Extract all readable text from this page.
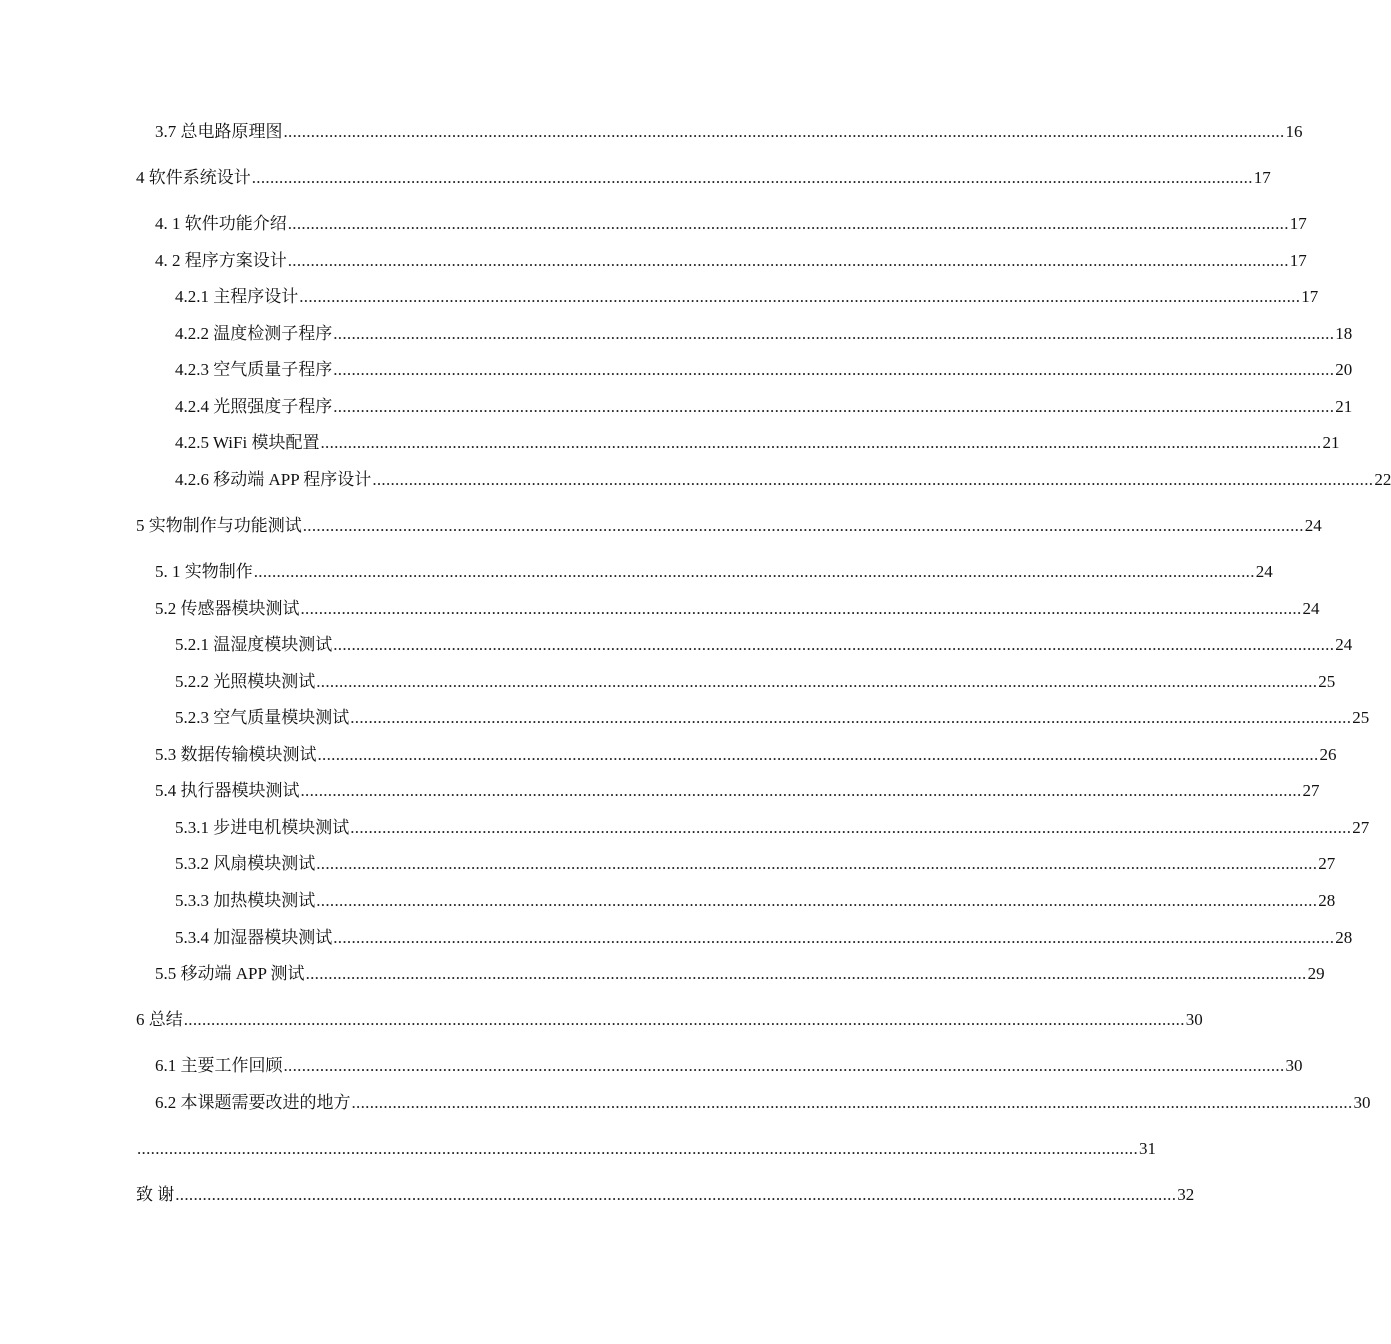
3.7 总电路原理图 ............................................................................................................................................................................................................................ 16
4 软件系统设计 ............................................................................................................................................................................................................................ 17
4. 1 软件功能介绍 ............................................................................................................................................................................................................................ 17
4. 2 程序方案设计 ............................................................................................................................................................................................................................ 17
4.2.1 主程序设计 ............................................................................................................................................................................................................................ 17
4.2.2 温度检测子程序 ............................................................................................................................................................................................................................ 18
4.2.3 空气质量子程序 ............................................................................................................................................................................................................................ 20
4.2.4 光照强度子程序 ............................................................................................................................................................................................................................ 21
4.2.5 WiFi 模块配置 ............................................................................................................................................................................................................................ 21
4.2.6 移动端 APP 程序设计 ............................................................................................................................................................................................................................ 22
5 实物制作与功能测试 ............................................................................................................................................................................................................................ 24
5. 1 实物制作 ............................................................................................................................................................................................................................ 24
5.2 传感器模块测试 ............................................................................................................................................................................................................................ 24
5.2.1 温湿度模块测试 ............................................................................................................................................................................................................................ 24
5.2.2 光照模块测试 ............................................................................................................................................................................................................................ 25
5.2.3 空气质量模块测试 ............................................................................................................................................................................................................................ 25
5.3 数据传输模块测试 ............................................................................................................................................................................................................................ 26
5.4 执行器模块测试 ............................................................................................................................................................................................................................ 27
5.3.1 步进电机模块测试 ............................................................................................................................................................................................................................ 27
5.3.2 风扇模块测试 ............................................................................................................................................................................................................................ 27
5.3.3 加热模块测试 ............................................................................................................................................................................................................................ 28
5.3.4 加湿器模块测试 ............................................................................................................................................................................................................................ 28
5.5 移动端 APP 测试 ............................................................................................................................................................................................................................ 29
6 总结 ............................................................................................................................................................................................................................ 30
6.1 主要工作回顾 ............................................................................................................................................................................................................................ 30
6.2 本课题需要改进的地方 ............................................................................................................................................................................................................................ 30
............................................................................................................................................................................................................................ 31
致 谢 ............................................................................................................................................................................................................................ 32
